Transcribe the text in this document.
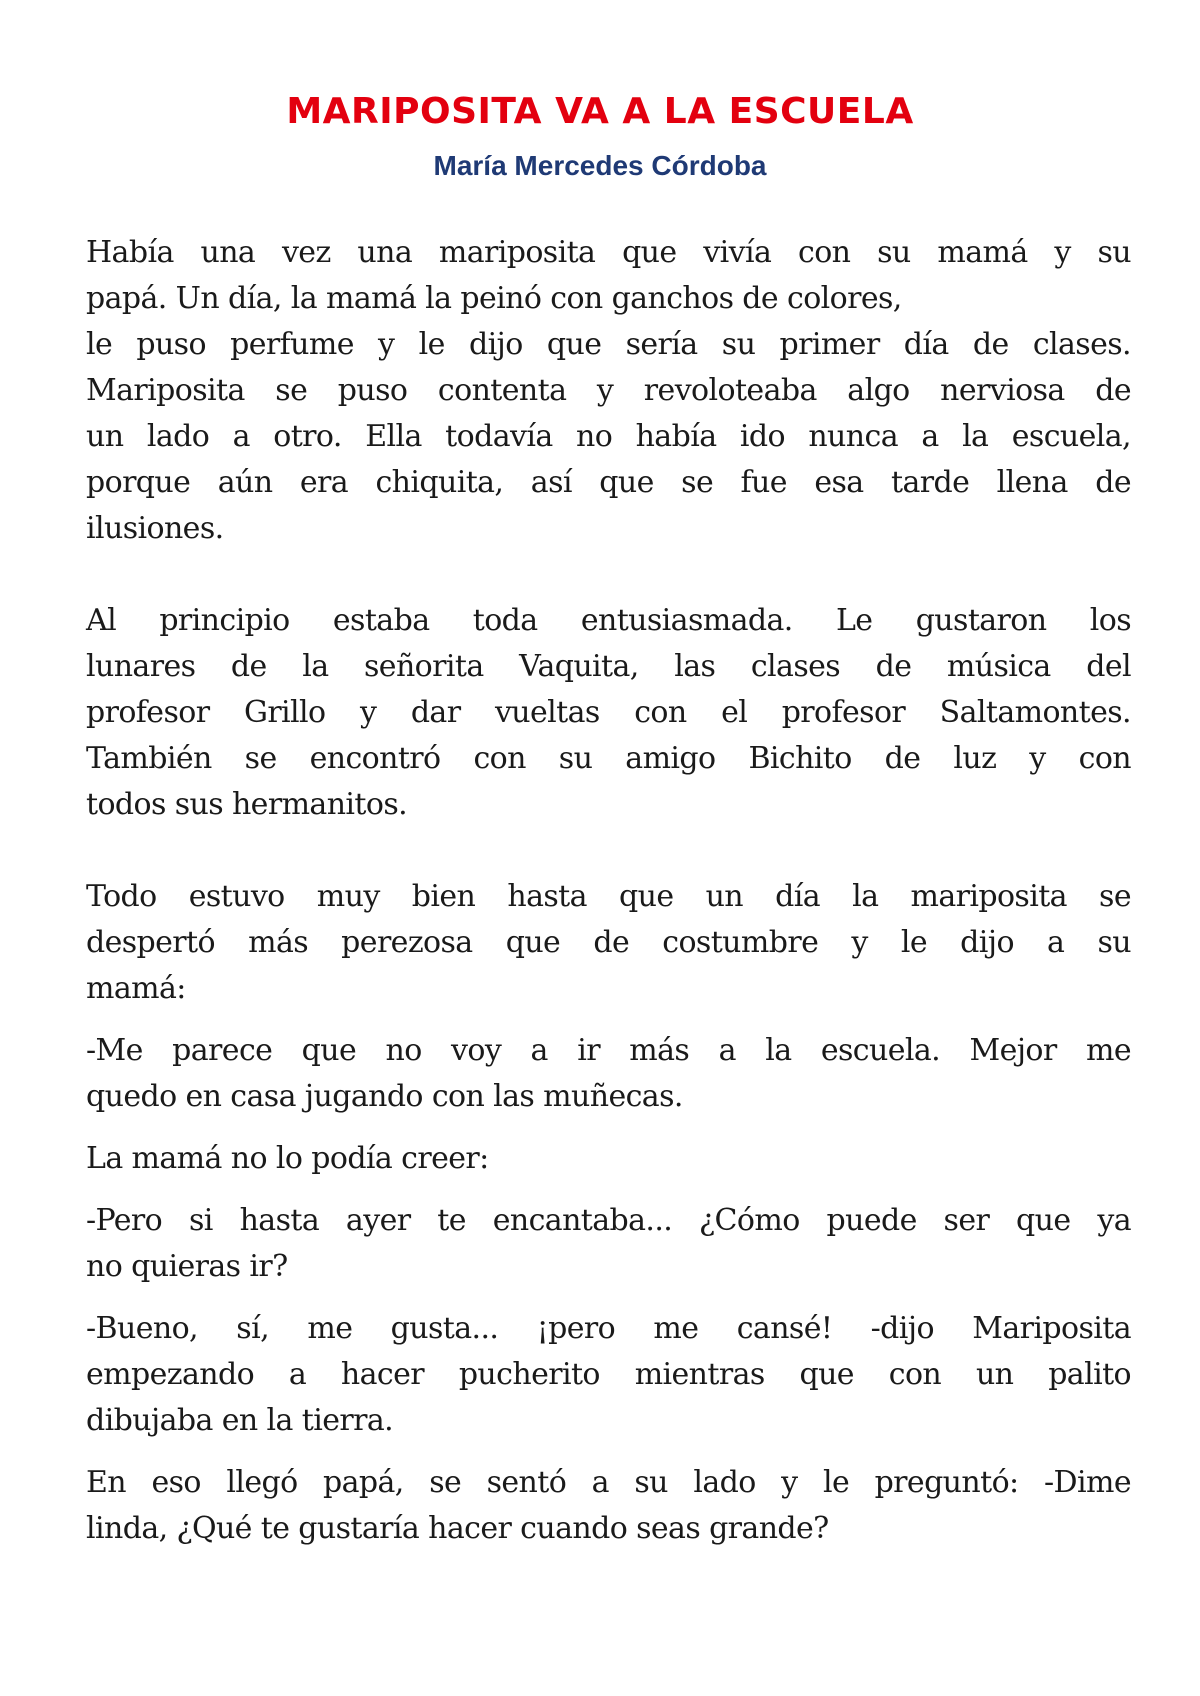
MARIPOSITA VA A LA ESCUELA
María Mercedes Córdoba

Había una vez una mariposita que vivía con su mamá y su
papá. Un día, la mamá la peinó con ganchos de colores,
le puso perfume y le dijo que sería su primer día de clases.
Mariposita se puso contenta y revoloteaba algo nerviosa de
un lado a otro. Ella todavía no había ido nunca a la escuela,
porque aún era chiquita, así que se fue esa tarde llena de
ilusiones.

Al principio estaba toda entusiasmada. Le gustaron los
lunares de la señorita Vaquita, las clases de música del
profesor Grillo y dar vueltas con el profesor Saltamontes.
También se encontró con su amigo Bichito de luz y con
todos sus hermanitos.

Todo estuvo muy bien hasta que un día la mariposita se
despertó más perezosa que de costumbre y le dijo a su
mamá:

-Me parece que no voy a ir más a la escuela. Mejor me
quedo en casa jugando con las muñecas.

La mamá no lo podía creer:

-Pero si hasta ayer te encantaba... ¿Cómo puede ser que ya
no quieras ir?

-Bueno, sí, me gusta... ¡pero me cansé! -dijo Mariposita
empezando a hacer pucherito mientras que con un palito
dibujaba en la tierra.

En eso llegó papá, se sentó a su lado y le preguntó: -Dime
linda, ¿Qué te gustaría hacer cuando seas grande?
